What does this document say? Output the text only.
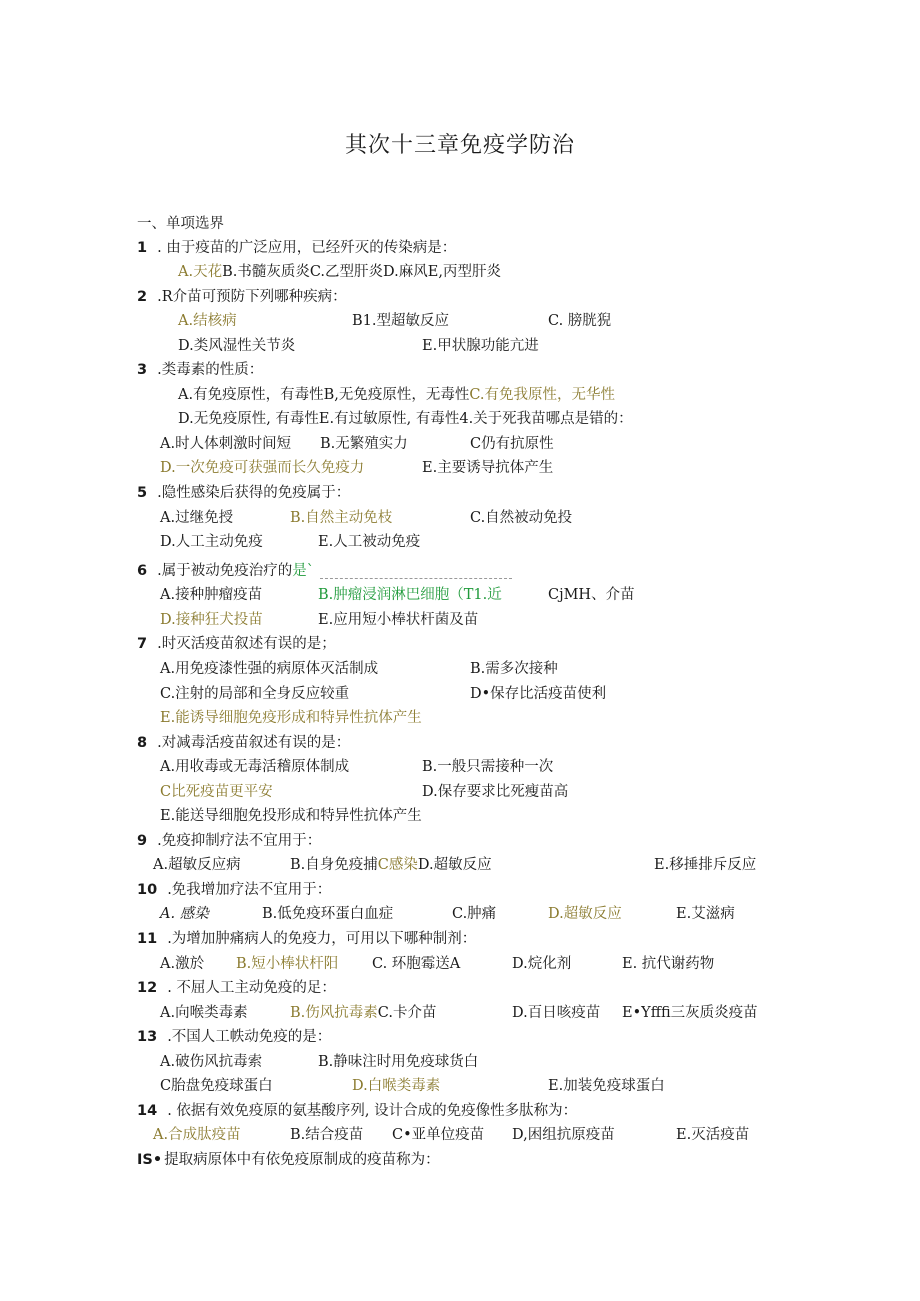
其次十三章免疫学防治
一、单项选界
1 . 由于疫苗的广泛应用，已经歼灭的传染病是：
A.天花B.书髓灰质炎C.乙型肝炎D.麻风E,丙型肝炎
2 .R介苗可预防下列哪种疾病：
A.结核病	B1.型超敏反应	C. 膀胱猊
D.类风湿性关节炎	E.甲状腺功能亢进
3 .类毒素的性质：
A.有免疫原性，有毒性B,无免疫原性，无毒性C.有免我原性，无华性
D.无免疫原性, 有毒性E.有过敏原性, 有毒性4.关于死我苗哪点是错的：
A.时人体刺激时间短 B.无繁殖实力	C仍有抗原性
D.一次免疫可获强而长久免疫力	E.主要诱导抗体产生
5 .隐性感染后获得的免疫属于：
A.过继免授	B.自然主动免枝	C.自然被动免投
D.人工主动免疫	E.人工被动免疫
6 .属于被动免疫治疗的是`
A.接种肿瘤疫苗	B.肿瘤浸润淋巴细胞（T1.近	CjMH、介苗
D.接种狂犬投苗	E.应用短小棒状杆菌及苗
7 .时灭活疫苗叙述有误的是；
A.用免疫漆性强的病原体灭活制成	B.需多次接种
C.注射的局部和全身反应较重	D•保存比活疫苗使利
E.能诱导细胞免疫形成和特异性抗体产生
8 .对减毒活疫苗叙述有误的是：
A.用收毒或无毒活稽原体制成	B.一般只需接种一次
C比死疫苗更平安	D.保存要求比死瘦苗高
E.能送导细胞免投形成和特异性抗体产生
9 .免疫抑制疗法不宜用于：
A.超敏反应病	B.自身免疫捕C感染D.超敏反应	E.移捶排斥反应
10 .免我增加疗法不宜用于：
A. 感染	B.低免疫环蛋白血症	C.肿痛	D.超敏反应	E.艾滋病
11 .为增加肿痛病人的免疫力，可用以下哪种制剂：
A.激於 B.短小棒状杆阳 C. 环胞霉送A	D.烷化剂	E. 抗代谢药物
12 . 不屈人工主动免疫的足：
A.向喉类毒素	B.伤风抗毒素C.卡介苗	D.百日咳疫苗 E•Yfffi三灰质炎疫苗
13 .不国人工帙动免疫的是：
A.破伤风抗毒索	B.静味注时用免疫球货白
C胎盘免疫球蛋白	D.白喉类毒素	E.加装免疫球蛋白
14 . 依据有效免疫原的氨基酸序列, 设计合成的免疫像性多肽称为：
A.合成肽疫苗	B.结合疫苗 C•亚单位疫苗 D,困组抗原疫苗	E.灭活疫苗
IS• 提取病原体中有依免疫原制成的疫苗称为：
